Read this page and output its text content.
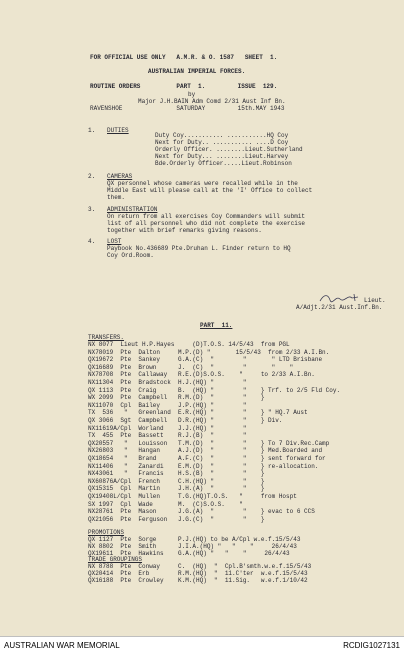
FOR OFFICIAL USE ONLY   A.M.R. & O. 1587   SHEET  1.
AUSTRALIAN IMPERIAL FORCES.
ROUTINE ORDERS          PART  1.         ISSUE  129.
by
Major J.H.BAIN Adm Comd 2/31 Aust Inf Bn.
RAVENSHOE               SATURDAY         15th.MAY 1943
1. DUTIES
Duty Coy........... ...........HQ Coy
Next for Duty.. ........... ....D Coy
Orderly Officer. ........Lieut.Sutherland
Next for Duty... ........Lieut.Harvey
Bde.Orderly Officer.....Lieut.Robinson
2. CAMERAS
QX personnel whose cameras were recalled while in the
Middle East will please call at the 'I' Office to collect
them.
3. ADMINISTRATION
On return from all exercises Coy Commanders will submit
list of all personnel who did not complete the exercise
together with brief remarks giving reasons.
4. LOST
Paybook No.436689 Pte.Druhan L. Finder return to HQ
Coy Ord.Room.
Lieut.
A/Adjt.2/31 Aust.Inf.Bn.
PART  11.
TRANSFERS.
NX 8077  Lieut H.P.Hayes     (D)T.O.S. 14/5/43  from PGL
NX78019  Pte  Dalton     M.P.(D) "       15/5/43  from 2/33 A.I.Bn.
QX19672  Pte  Sankey     G.A.(C)  "        "       " LTD Brisbane
QX16689  Pte  Brown      J.  (C)  "        "       "    "
NX78708  Pte  Callaway   R.E.(D)S.O.S.    "     to 2/33 A.I.Bn.
NX11304  Pte  Bradstock  H.J.(HQ) "        "
QX 1113  Pte  Craig      B.  (HQ) "        "    } Trf. to 2/5 Fld Coy.
WX 2099  Pte  Campbell   R.M.(D)  "        "    }
NX11070  Cpl  Bailey     J.P.(HQ) "        "
TX  536   "   Greenland  E.R.(HQ) "        "    } " HQ.7 Aust
QX 3066  Sgt  Campbell   D.R.(HQ) "        "    } Div.
NX11619A/Cpl  Worland    J.J.(HQ) "        "
TX  455  Pte  Bassett    R.J.(B)  "        "
QX20557   "   Louisson   T.M.(D)  "        "    } To 7 Div.Rec.Camp
NX26803   "   Hangan     A.J.(D)  "        "    } Med.Boarded and
QX18654   "   Brand      A.F.(C)  "        "    } sent forward for
NX11406   "   Zanardi    E.M.(D)  "        "    } re-allocation.
NX43061   "   Francis    H.S.(B)  "        "    }
NX60876A/Cpl  French     C.H.(HQ) "        "    }
QX15315  Cpl  Martin     J.H.(A)  "        "    }
QX19408L/Cpl  Mullen     T.G.(HQ)T.O.S.   "     from Hospt
SX 1997  Cpl  Wade       M.  (C)S.O.S.    "
NX28761  Pte  Mason      J.G.(A)  "        "    } evac to 6 CCS
QX21056  Pte  Ferguson   J.G.(C)  "        "    }
PROMOTIONS
QX 1127  Pte  Sorge      P.J.(HQ) to be A/Cpl w.e.f.15/5/43
NX 8802  Pte  Smith      J.I.A.(HQ) "   "    "     26/4/43
QX19611  Pte  Hawkins    G.A.(HQ) "   "    "     26/4/43
TRADE GROUPINGS
NX 8788  Pte  Conway     C.  (HQ)  "  Cpl.B'smth.w.e.f.15/5/43
QX20414  Pte  Erb        R.M.(HQ)  "  11.C'ter  w.e.f.15/5/43
QX16188  Pte  Crowley    K.M.(HQ)  "  11.Sig.   w.e.f.1/10/42
AUSTRALIAN WAR MEMORIAL	RCDIG1027131
